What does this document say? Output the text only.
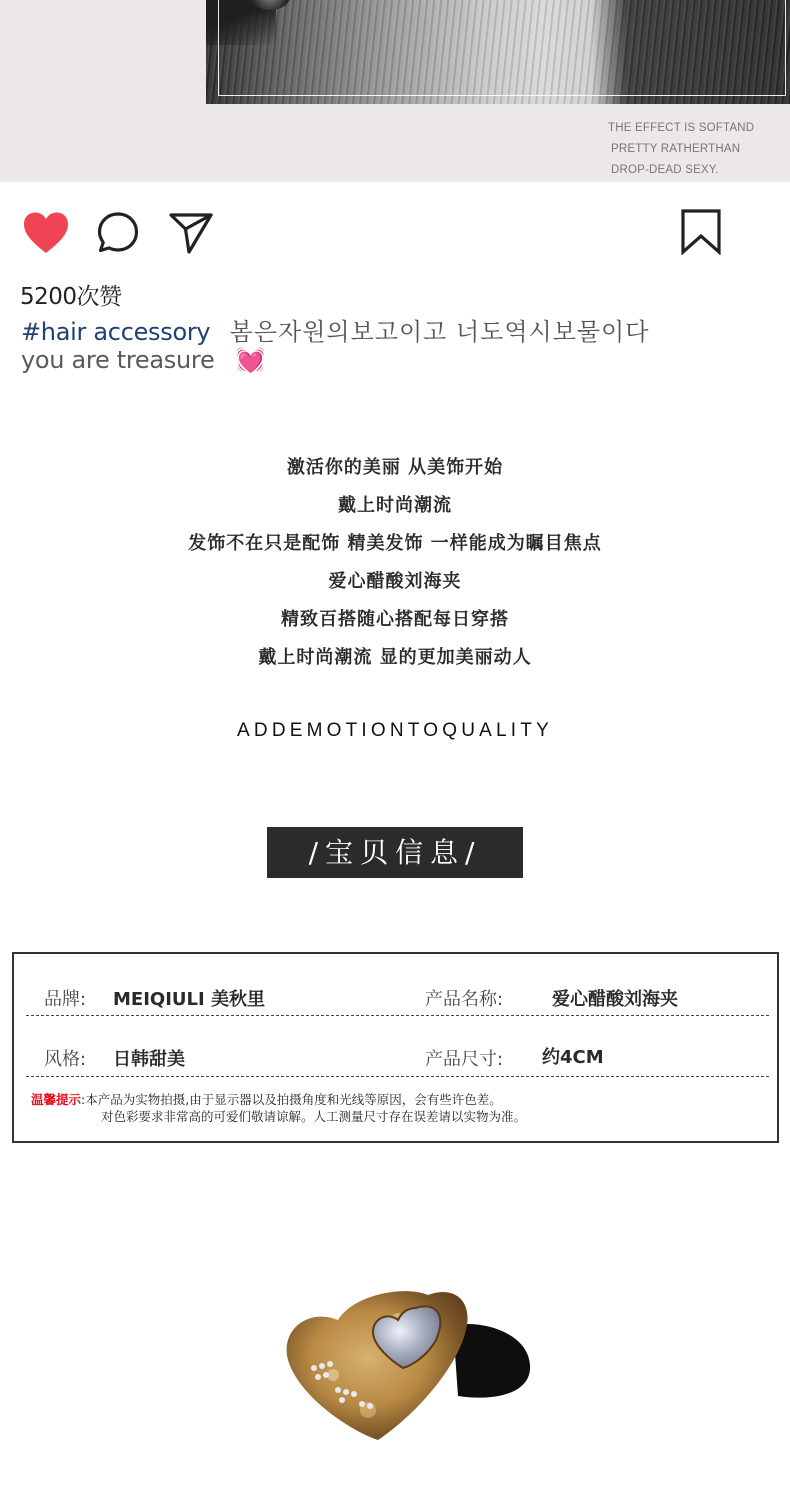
THE EFFECT IS SOFTAND
PRETTY RATHERTHAN
DROP-DEAD SEXY.
5200次赞
#hair accessory 봄은자원의보고이고 너도역시보물이다
you are treasure 💓
激活你的美丽 从美饰开始
戴上时尚潮流
发饰不在只是配饰 精美发饰 一样能成为瞩目焦点
爱心醋酸刘海夹
精致百搭随心搭配每日穿搭
戴上时尚潮流 显的更加美丽动人
ADDEMOTIONTOQUALITY
/宝贝信息/
品牌: MEIQIULI 美秋里	产品名称:	爱心醋酸刘海夹
风格: 日韩甜美	产品尺寸: 约4CM
温馨提示:本产品为实物拍摄,由于显示器以及拍摄角度和光线等原因，会有些许色差。
对色彩要求非常高的可爱们敬请谅解。人工测量尺寸存在误差请以实物为准。
